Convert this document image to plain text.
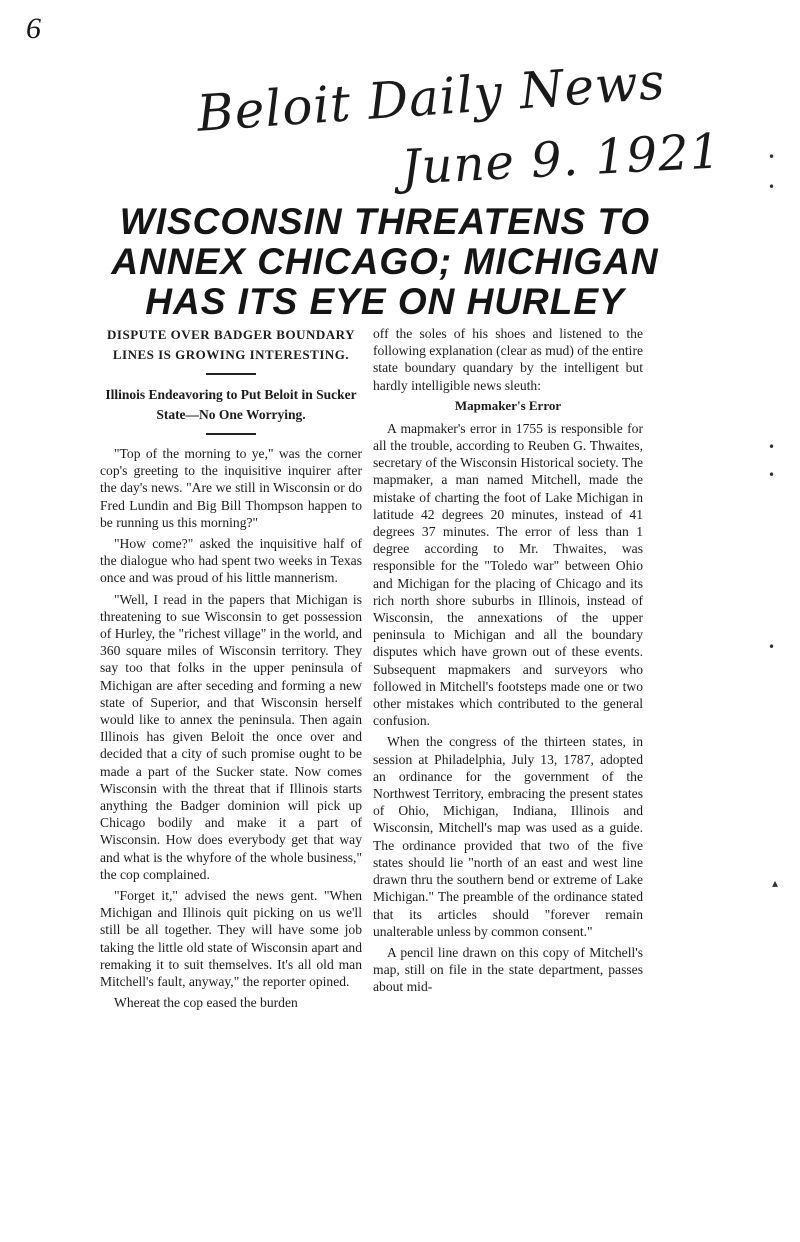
6
Beloit Daily News
June 9. 1921
WISCONSIN THREATENS TO
ANNEX CHICAGO; MICHIGAN
HAS ITS EYE ON HURLEY
DISPUTE OVER BADGER BOUNDARY LINES IS GROWING INTERESTING.
Illinois Endeavoring to Put Beloit in Sucker State—No One Worrying.

"Top of the morning to ye," was the corner cop's greeting to the inquisitive inquirer after the day's news. "Are we still in Wisconsin or do Fred Lundin and Big Bill Thompson happen to be running us this morning?"

"How come?" asked the inquisitive half of the dialogue who had spent two weeks in Texas once and was proud of his little mannerism.

"Well, I read in the papers that Michigan is threatening to sue Wisconsin to get possession of Hurley, the "richest village" in the world, and 360 square miles of Wisconsin territory. They say too that folks in the upper peninsula of Michigan are after seceding and forming a new state of Superior, and that Wisconsin herself would like to annex the peninsula. Then again Illinois has given Beloit the once over and decided that a city of such promise ought to be made a part of the Sucker state. Now comes Wisconsin with the threat that if Illinois starts anything the Badger dominion will pick up Chicago bodily and make it a part of Wisconsin. How does everybody get that way and what is the whyfore of the whole business," the cop complained.

"Forget it," advised the news gent. "When Michigan and Illinois quit picking on us we'll still be all together. They will have some job taking the little old state of Wisconsin apart and remaking it to suit themselves. It's all old man Mitchell's fault, anyway," the reporter opined.

Whereat the cop eased the burden

off the soles of his shoes and listened to the following explanation (clear as mud) of the entire state boundary quandary by the intelligent but hardly intelligible news sleuth:

Mapmaker's Error

A mapmaker's error in 1755 is responsible for all the trouble, according to Reuben G. Thwaites, secretary of the Wisconsin Historical society. The mapmaker, a man named Mitchell, made the mistake of charting the foot of Lake Michigan in latitude 42 degrees 20 minutes, instead of 41 degrees 37 minutes. The error of less than 1 degree according to Mr. Thwaites, was responsible for the "Toledo war" between Ohio and Michigan for the placing of Chicago and its rich north shore suburbs in Illinois, instead of Wisconsin, the annexations of the upper peninsula to Michigan and all the boundary disputes which have grown out of these events. Subsequent mapmakers and surveyors who followed in Mitchell's footsteps made one or two other mistakes which contributed to the general confusion.

When the congress of the thirteen states, in session at Philadelphia, July 13, 1787, adopted an ordinance for the government of the Northwest Territory, embracing the present states of Ohio, Michigan, Indiana, Illinois and Wisconsin, Mitchell's map was used as a guide. The ordinance provided that two of the five states should lie "north of an east and west line drawn thru the southern bend or extreme of Lake Michigan." The preamble of the ordinance stated that its articles should "forever remain unalterable unless by common consent."

A pencil line drawn on this copy of Mitchell's map, still on file in the state department, passes about mid-

•
•
•
•
•
▴
